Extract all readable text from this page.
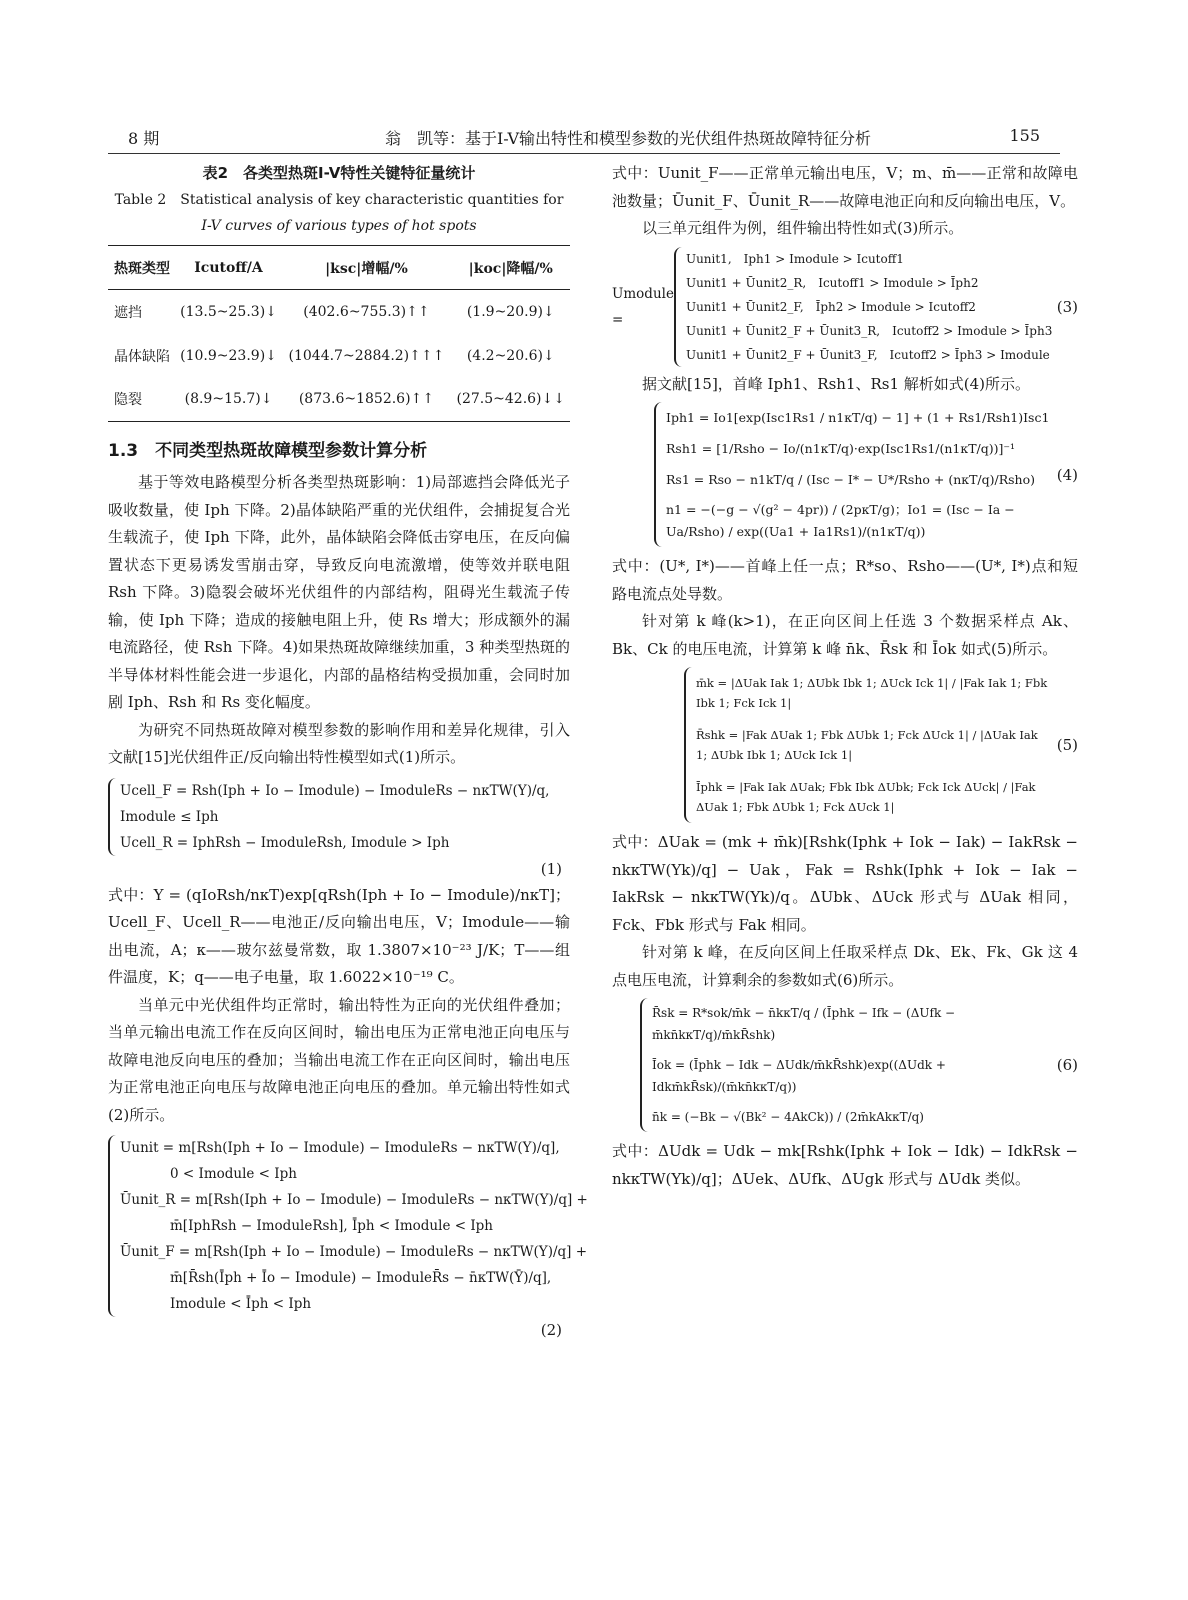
8 期	翁　凯等：基于I-V输出特性和模型参数的光伏组件热斑故障特征分析	155
表2　各类型热斑I-V特性关键特征量统计
Table 2　Statistical analysis of key characteristic quantities for
I-V curves of various types of hot spots
热斑类型	Icutoff/A	|ksc|增幅/%	|koc|降幅/%
遮挡	(13.5~25.3)↓	(402.6~755.3)↑↑	(1.9~20.9)↓
晶体缺陷	(10.9~23.9)↓	(1044.7~2884.2)↑↑↑	(4.2~20.6)↓
隐裂	(8.9~15.7)↓	(873.6~1852.6)↑↑	(27.5~42.6)↓↓
1.3　不同类型热斑故障模型参数计算分析
基于等效电路模型分析各类型热斑影响：1)局部遮挡会降低光子吸收数量，使 Iph 下降。2)晶体缺陷严重的光伏组件，会捕捉复合光生载流子，使 Iph 下降，此外，晶体缺陷会降低击穿电压，在反向偏置状态下更易诱发雪崩击穿，导致反向电流激增，使等效并联电阻 Rsh 下降。3)隐裂会破坏光伏组件的内部结构，阻碍光生载流子传输，使 Iph 下降；造成的接触电阻上升，使 Rs 增大；形成额外的漏电流路径，使 Rsh 下降。4)如果热斑故障继续加重，3 种类型热斑的半导体材料性能会进一步退化，内部的晶格结构受损加重，会同时加剧 Iph、Rsh 和 Rs 变化幅度。
为研究不同热斑故障对模型参数的影响作用和差异化规律，引入文献[15]光伏组件正/反向输出特性模型如式(1)所示。
Ucell_F = Rsh(Iph + Io − Imodule) − ImoduleRs − nκTW(Y)/q,
Imodule ≤ Iph
Ucell_R = IphRsh − ImoduleRsh, Imodule > Iph
(1)
式中：Y = (qIoRsh/nκT)exp[qRsh(Iph + Io − Imodule)/nκT]；Ucell_F、Ucell_R——电池正/反向输出电压，V；Imodule——输出电流，A；κ——玻尔兹曼常数，取 1.3807×10⁻²³ J/K；T——组件温度，K；q——电子电量，取 1.6022×10⁻¹⁹ C。
当单元中光伏组件均正常时，输出特性为正向的光伏组件叠加；当单元输出电流工作在反向区间时，输出电压为正常电池正向电压与故障电池反向电压的叠加；当输出电流工作在正向区间时，输出电压为正常电池正向电压与故障电池正向电压的叠加。单元输出特性如式(2)所示。
Uunit = m[Rsh(Iph + Io − Imodule) − ImoduleRs − nκTW(Y)/q],
0 < Imodule < Iph
Ūunit_R = m[Rsh(Iph + Io − Imodule) − ImoduleRs − nκTW(Y)/q] +
m̄[IphRsh − ImoduleRsh], Īph < Imodule < Iph
Ūunit_F = m[Rsh(Iph + Io − Imodule) − ImoduleRs − nκTW(Y)/q] +
m̄[R̄sh(Īph + Īo − Imodule) − ImoduleR̄s − n̄κTW(Ȳ)/q],
Imodule < Īph < Iph
(2)
式中：Uunit_F——正常单元输出电压，V；m、m̄——正常和故障电池数量；Ūunit_F、Ūunit_R——故障电池正向和反向输出电压，V。
以三单元组件为例，组件输出特性如式(3)所示。
Umodule =
Uunit1,　Iph1 > Imodule > Icutoff1
Uunit1 + Ūunit2_R,　Icutoff1 > Imodule > Īph2
Uunit1 + Ūunit2_F,　Īph2 > Imodule > Icutoff2
Uunit1 + Ūunit2_F + Ūunit3_R,　Icutoff2 > Imodule > Īph3
Uunit1 + Ūunit2_F + Ūunit3_F,　Icutoff2 > Īph3 > Imodule
(3)
据文献[15]，首峰 Iph1、Rsh1、Rs1 解析如式(4)所示。
Iph1 = Io1[exp(Isc1Rs1 / n1κT/q) − 1] + (1 + Rs1/Rsh1)Isc1
Rsh1 = [1/Rsho − Io/(n1κT/q)·exp(Isc1Rs1/(n1κT/q))]⁻¹
Rs1 = Rso − n1kT/q / (Isc − I* − U*/Rsho + (nκT/q)/Rsho)
n1 = −(−g − √(g² − 4pr)) / (2pκT/g)；Io1 = (Isc − Ia − Ua/Rsho) / exp((Ua1 + Ia1Rs1)/(n1κT/q))
(4)
式中：(U*, I*)——首峰上任一点；R*so、Rsho——(U*, I*)点和短路电流点处导数。
针对第 k 峰(k>1)，在正向区间上任选 3 个数据采样点 Ak、Bk、Ck 的电压电流，计算第 k 峰 n̄k、R̄sk 和 Īok 如式(5)所示。
m̄k = |ΔUak Iak 1; ΔUbk Ibk 1; ΔUck Ick 1| / |Fak Iak 1; Fbk Ibk 1; Fck Ick 1|
R̄shk = |Fak ΔUak 1; Fbk ΔUbk 1; Fck ΔUck 1| / |ΔUak Iak 1; ΔUbk Ibk 1; ΔUck Ick 1|
Īphk = |Fak Iak ΔUak; Fbk Ibk ΔUbk; Fck Ick ΔUck| / |Fak ΔUak 1; Fbk ΔUbk 1; Fck ΔUck 1|
(5)
式中：ΔUak = (mk + m̄k)[Rshk(Iphk + Iok − Iak) − IakRsk − nkκTW(Yk)/q] − Uak，Fak = Rshk(Iphk + Iok − Iak − IakRsk − nkκTW(Yk)/q。ΔUbk、ΔUck 形式与 ΔUak 相同，Fck、Fbk 形式与 Fak 相同。
针对第 k 峰，在反向区间上任取采样点 Dk、Ek、Fk、Gk 这 4 点电压电流，计算剩余的参数如式(6)所示。
R̄sk = R*sok/m̄k − n̄kκT/q / (Īphk − Ifk − (ΔUfk − m̄kn̄kκT/q)/m̄kR̄shk)
Īok = (Īphk − Idk − ΔUdk/m̄kR̄shk)exp((ΔUdk + Idkm̄kR̄sk)/(m̄kn̄kκT/q))
n̄k = (−Bk − √(Bk² − 4AkCk)) / (2m̄kAkκT/q)
(6)
式中：ΔUdk = Udk − mk[Rshk(Iphk + Iok − Idk) − IdkRsk − nkκTW(Yk)/q]；ΔUek、ΔUfk、ΔUgk 形式与 ΔUdk 类似。
